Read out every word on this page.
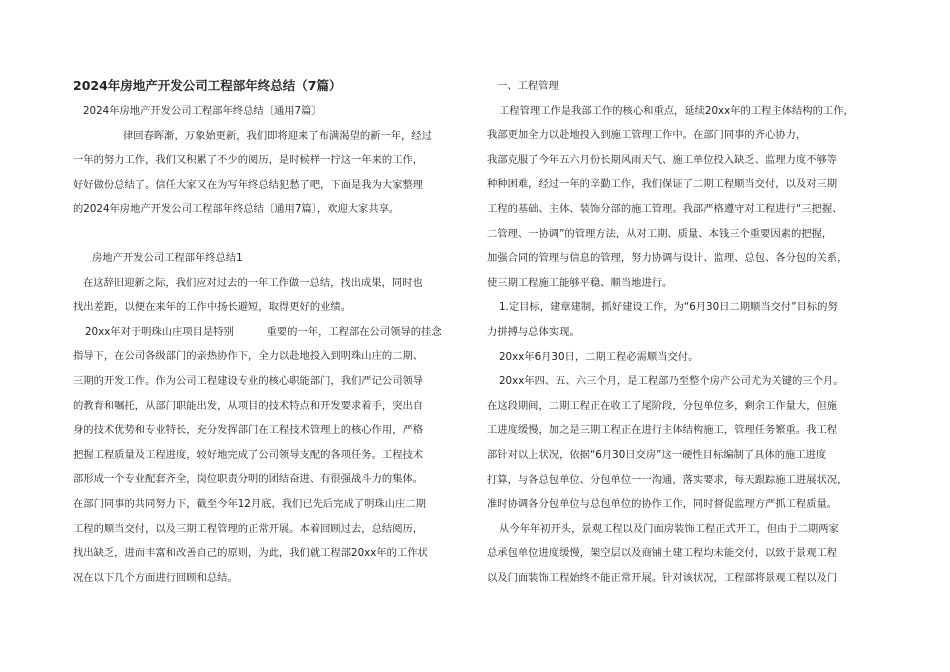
2024年房地产开发公司工程部年终总结（7篇）
2024年房地产开发公司工程部年终总结〔通用7篇〕
律回春晖渐，万象始更新，我们即将迎来了布满渴望的新一年，经过
一年的努力工作，我们又积累了不少的阅历，是时候样一拧这一年来的工作，
好好做份总结了。信任大家又在为写年终总结犯愁了吧，下面是我为大家整理
的2024年房地产开发公司工程部年终总结〔通用7篇〕，欢迎大家共享。
房地产开发公司工程部年终总结1
在这辞旧迎新之际，我们应对过去的一年工作做一总结，找出成果，同时也
找出差距，以便在来年的工作中扬长避短，取得更好的业绩。
20xx年对于明珠山庄项目是特别          重要的一年，工程部在公司领导的挂念
指导下，在公司各级部门的亲热协作下，全力以赴地投入到明珠山庄的二期、
三期的开发工作。作为公司工程建设专业的核心职能部门，我们严记公司领导
的教育和嘱托，从部门职能出发，从项目的技术特点和开发要求着手，突出自
身的技术优势和专业特长，充分发挥部门在工程技术管理上的核心作用，严格
把握工程质量及工程进度，较好地完成了公司领导支配的各项任务。工程技术
部形成一个专业配套齐全，岗位职责分明的团结奋进、有很强战斗力的集体。
在部门同事的共同努力下，截至今年12月底，我们已先后完成了明珠山庄二期
工程的顺当交付，以及三期工程管理的正常开展。本着回顾过去，总结阅历，
找出缺乏，进而丰富和改善自己的原则，为此，我们就工程部20xx年的工作状
况在以下几个方面进行回顾和总结。
一、工程管理
工程管理工作是我部工作的核心和重点，延续20xx年的工程主体结构的工作，
我部更加全力以赴地投入到施工管理工作中。在部门同事的齐心协力，
我部克服了今年五六月份长期风雨天气、施工单位投入缺乏、监理力度不够等
种种困难，经过一年的辛勤工作，我们保证了二期工程顺当交付，以及对三期
工程的基础、主体、装饰分部的施工管理。我部严格遵守对工程进行“三把握、
二管理、一协调”的管理方法，从对工期、质量、本钱三个重要因素的把握，
加强合同的管理与信息的管理，努力协调与设计、监理、总包、各分包的关系，
使三期工程施工能够平稳、顺当地进行。
1.定目标，建章建制，抓好建设工作，为“6月30日二期顺当交付”目标的努
力拼搏与总体实现。
20xx年6月30日，二期工程必需顺当交付。
20xx年四、五、六三个月，是工程部乃至整个房产公司尤为关键的三个月。
在这段期间，二期工程正在收工了尾阶段，分包单位多，剩余工作量大，但施
工进度缓慢，加之是三期工程正在进行主体结构施工，管理任务繁重。我工程
部针对以上状况，依据“6月30日交房”这一硬性目标编制了具体的施工进度
打算，与各总包单位、分包单位一一沟通，落实要求，每天跟踪施工进展状况，
准时协调各分包单位与总包单位的协作工作，同时督促监理方严抓工程质量。
从今年年初开头，景观工程以及门面房装饰工程正式开工，但由于二期两家
总承包单位进度缓慢，架空层以及商铺土建工程均未能交付，以致于景观工程
以及门面装饰工程始终不能正常开展。针对该状况，工程部将景观工程以及门
